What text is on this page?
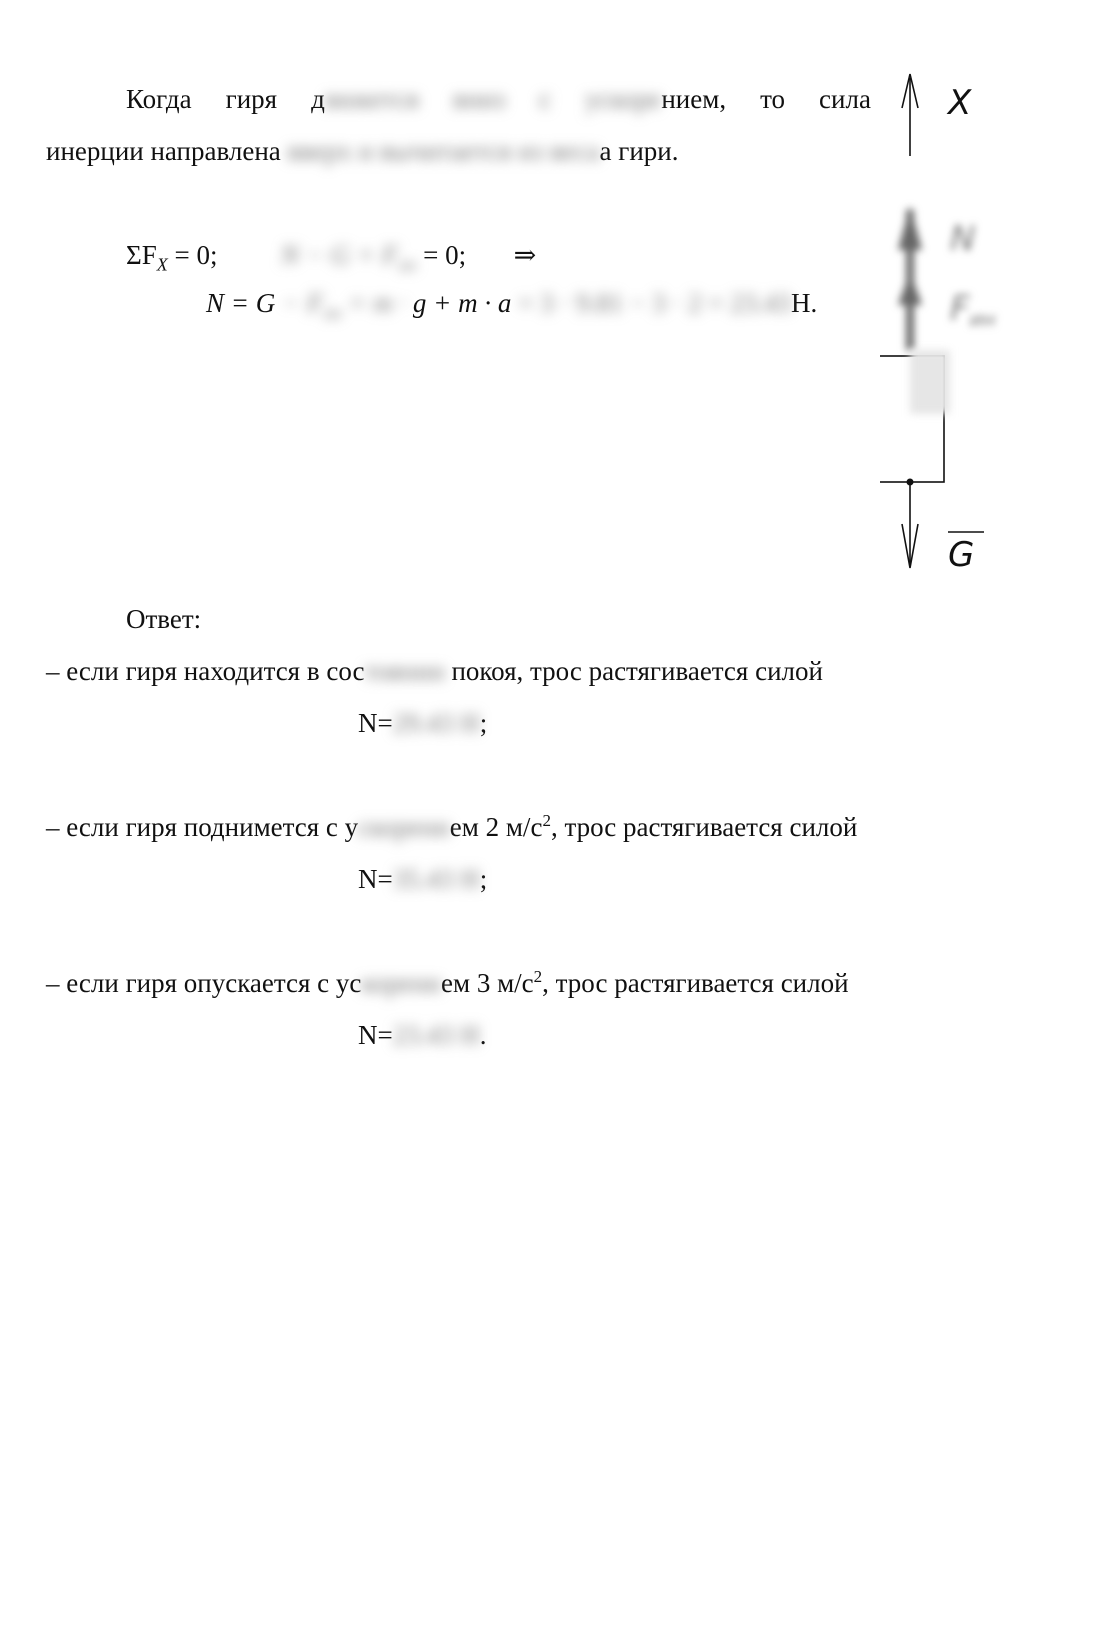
Когда гиря движется вниз с ускорением, то сила
инерции направлена вверх и вычитается из весаа гири.
$\Sigma F_X = 0$; $N - G + F_{ин} = 0$; ⇒
$N = G - F_{ин} = m \cdot g + m \cdot a = 3 \cdot 9.81 - 3 \cdot 2 = 23.43Н$.
X
N
Fин
G
Ответ:
– если гиря находится в состоянии покоя, трос растягивается силой
N=29.43 Н;
– если гиря поднимется с ускорением 2 $м/с^2$, трос растягивается силой
N=35.43 Н;
– если гиря опускается с ускорением 3 $м/с^2$, трос растягивается силой
N=23.43 Н.
